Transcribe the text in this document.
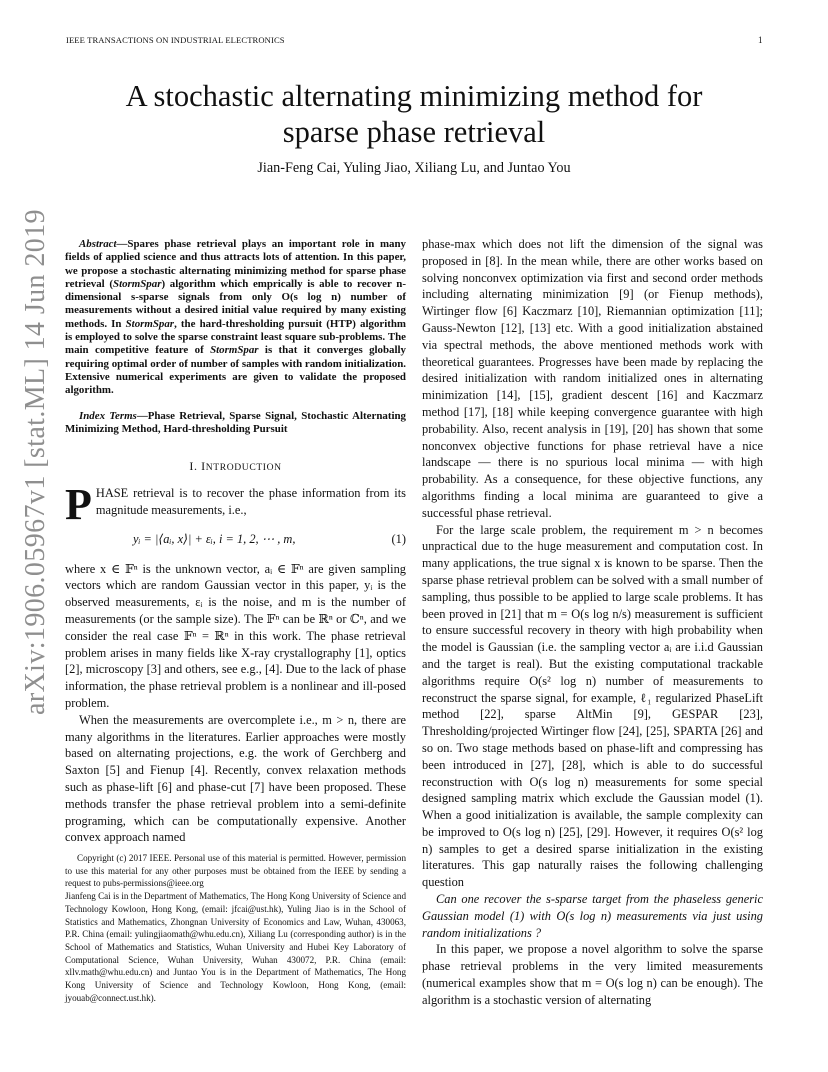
IEEE TRANSACTIONS ON INDUSTRIAL ELECTRONICS	1
A stochastic alternating minimizing method for
sparse phase retrieval
Jian-Feng Cai, Yuling Jiao, Xiliang Lu, and Juntao You
arXiv:1906.05967v1 [stat.ML] 14 Jun 2019	Abstract—Spares phase retrieval plays an important role in many fields of applied science and thus attracts lots of attention. In this paper, we propose a stochastic alternating minimizing method for sparse phase retrieval (StormSpar) algorithm which emprically is able to recover n-dimensional s-sparse signals from only O(s log n) number of measurements without a desired initial value required by many existing methods. In StormSpar, the hard-thresholding pursuit (HTP) algorithm is employed to solve the sparse constraint least square sub-problems. The main competitive feature of StormSpar is that it converges globally requiring optimal order of number of samples with random initialization. Extensive numerical experiments are given to validate the proposed algorithm.

Index Terms—Phase Retrieval, Sparse Signal, Stochastic Alternating Minimizing Method, Hard-thresholding Pursuit

I. INTRODUCTION

PHASE retrieval is to recover the phase information from its magnitude measurements, i.e.,

yᵢ = |⟨aᵢ, x⟩| + εᵢ, i = 1, 2, ⋯ , m,	(1)

where x ∈ 𝔽ⁿ is the unknown vector, aᵢ ∈ 𝔽ⁿ are given sampling vectors which are random Gaussian vector in this paper, yᵢ is the observed measurements, εᵢ is the noise, and m is the number of measurements (or the sample size). The 𝔽ⁿ can be ℝⁿ or ℂⁿ, and we consider the real case 𝔽ⁿ = ℝⁿ in this work. The phase retrieval problem arises in many fields like X-ray crystallography [1], optics [2], microscopy [3] and others, see e.g., [4]. Due to the lack of phase information, the phase retrieval problem is a nonlinear and ill-posed problem.

When the measurements are overcomplete i.e., m > n, there are many algorithms in the literatures. Earlier approaches were mostly based on alternating projections, e.g. the work of Gerchberg and Saxton [5] and Fienup [4]. Recently, convex relaxation methods such as phase-lift [6] and phase-cut [7] have been proposed. These methods transfer the phase retrieval problem into a semi-definite programing, which can be computationally expensive. Another convex approach named

Copyright (c) 2017 IEEE. Personal use of this material is permitted. However, permission to use this material for any other purposes must be obtained from the IEEE by sending a request to pubs-permissions@ieee.org

Jianfeng Cai is in the Department of Mathematics, The Hong Kong University of Science and Technology Kowloon, Hong Kong, (email: jfcai@ust.hk), Yuling Jiao is in the School of Statistics and Mathematics, Zhongnan University of Economics and Law, Wuhan, 430063, P.R. China (email: yulingjiaomath@whu.edu.cn), Xiliang Lu (corresponding author) is in the School of Mathematics and Statistics, Wuhan University and Hubei Key Laboratory of Computational Science, Wuhan University, Wuhan 430072, P.R. China (email: xllv.math@whu.edu.cn) and Juntao You is in the Department of Mathematics, The Hong Kong University of Science and Technology Kowloon, Hong Kong, (email: jyouab@connect.ust.hk).

phase-max which does not lift the dimension of the signal was proposed in [8]. In the mean while, there are other works based on solving nonconvex optimization via first and second order methods including alternating minimization [9] (or Fienup methods), Wirtinger flow [6] Kaczmarz [10], Riemannian optimization [11]; Gauss-Newton [12], [13] etc. With a good initialization abstained via spectral methods, the above mentioned methods work with theoretical guarantees. Progresses have been made by replacing the desired initialization with random initialized ones in alternating minimization [14], [15], gradient descent [16] and Kaczmarz method [17], [18] while keeping convergence guarantee with high probability. Also, recent analysis in [19], [20] has shown that some nonconvex objective functions for phase retrieval have a nice landscape — there is no spurious local minima — with high probability. As a consequence, for these objective functions, any algorithms finding a local minima are guaranteed to give a successful phase retrieval.

For the large scale problem, the requirement m > n becomes unpractical due to the huge measurement and computation cost. In many applications, the true signal x is known to be sparse. Then the sparse phase retrieval problem can be solved with a small number of sampling, thus possible to be applied to large scale problems. It has been proved in [21] that m = O(s log n/s) measurement is sufficient to ensure successful recovery in theory with high probability when the model is Gaussian (i.e. the sampling vector aᵢ are i.i.d Gaussian and the target is real). But the existing computational trackable algorithms require O(s² log n) number of measurements to reconstruct the sparse signal, for example, ℓ₁ regularized PhaseLift method [22], sparse AltMin [9], GESPAR [23], Thresholding/projected Wirtinger flow [24], [25], SPARTA [26] and so on. Two stage methods based on phase-lift and compressing has been introduced in [27], [28], which is able to do successful reconstruction with O(s log n) measurements for some special designed sampling matrix which exclude the Gaussian model (1). When a good initialization is available, the sample complexity can be improved to O(s log n) [25], [29]. However, it requires O(s² log n) samples to get a desired sparse initialization in the existing literatures. This gap naturally raises the following challenging question

Can one recover the s-sparse target from the phaseless generic Gaussian model (1) with O(s log n) measurements via just using random initializations ?

In this paper, we propose a novel algorithm to solve the sparse phase retrieval problems in the very limited measurements (numerical examples show that m = O(s log n) can be enough). The algorithm is a stochastic version of alternating
